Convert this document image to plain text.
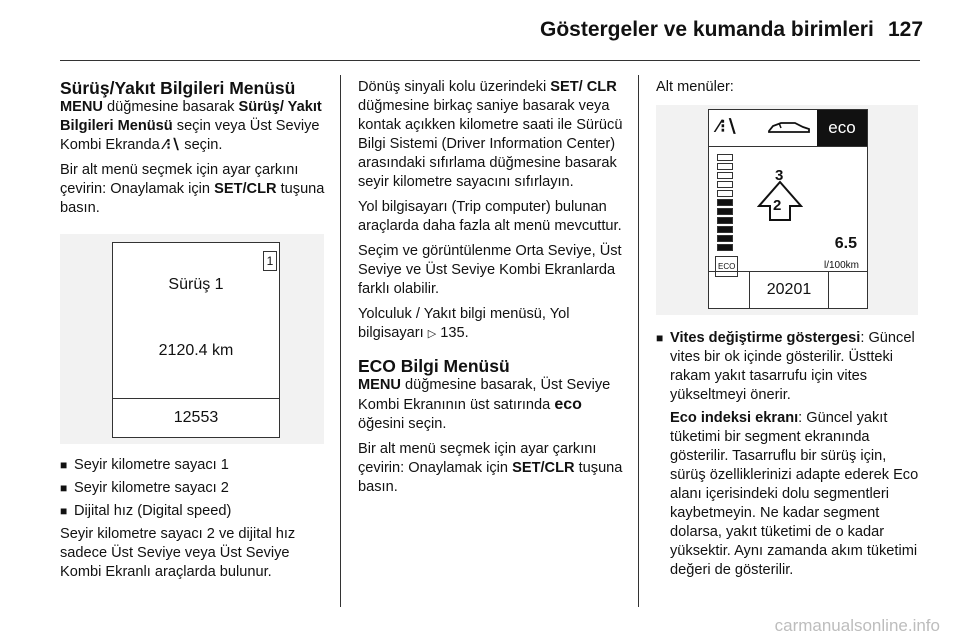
Göstergeler ve kumanda birimleri 127
Sürüş/Yakıt Bilgileri Menüsü

MENU düğmesine basarak Sürüş/ Yakıt Bilgileri Menüsü seçin veya Üst Seviye Kombi Ekranda ∕⁝∖ seçin.

Bir alt menü seçmek için ayar çarkını çevirin: Onaylamak için SET/CLR tuşuna basın.

1
Sürüş 1
2120.4 km
12553
■ Seyir kilometre sayacı 1
■ Seyir kilometre sayacı 2
■ Dijital hız (Digital speed)

Seyir kilometre sayacı 2 ve dijital hız sadece Üst Seviye veya Üst Seviye Kombi Ekranlı araçlarda bulunur.

Dönüş sinyali kolu üzerindeki SET/ CLR düğmesine birkaç saniye basarak veya kontak açıkken kilometre saati ile Sürücü Bilgi Sistemi (Driver Information Center) arasındaki sıfırlama düğmesine basarak seyir kilometre sayacını sıfırlayın.

Yol bilgisayarı (Trip computer) bulunan araçlarda daha fazla alt menü mevcuttur.

Seçim ve görüntülenme Orta Seviye, Üst Seviye ve Üst Seviye Kombi Ekranlarda farklı olabilir.

Yolculuk / Yakıt bilgi menüsü, Yol bilgisayarı ▷ 135.

ECO Bilgi Menüsü

MENU düğmesine basarak, Üst Seviye Kombi Ekranının üst satırında eco öğesini seçin.

Bir alt menü seçmek için ayar çarkını çevirin: Onaylamak için SET/CLR tuşuna basın.

Alt menüler:

∕⁝∖	eco
ECO
3
2
6.5
l/100km
20201
■ Vites değiştirme göstergesi: Güncel vites bir ok içinde gösterilir. Üstteki rakam yakıt tasarrufu için vites yükseltmeyi önerir.

Eco indeksi ekranı: Güncel yakıt tüketimi bir segment ekranında gösterilir. Tasarruflu bir sürüş için, sürüş özelliklerinizi adapte ederek Eco alanı içerisindeki dolu segmentleri kaybetmeyin. Ne kadar segment dolarsa, yakıt tüketimi de o kadar yüksektir. Aynı zamanda akım tüketimi değeri de gösterilir.

carmanualsonline.info
